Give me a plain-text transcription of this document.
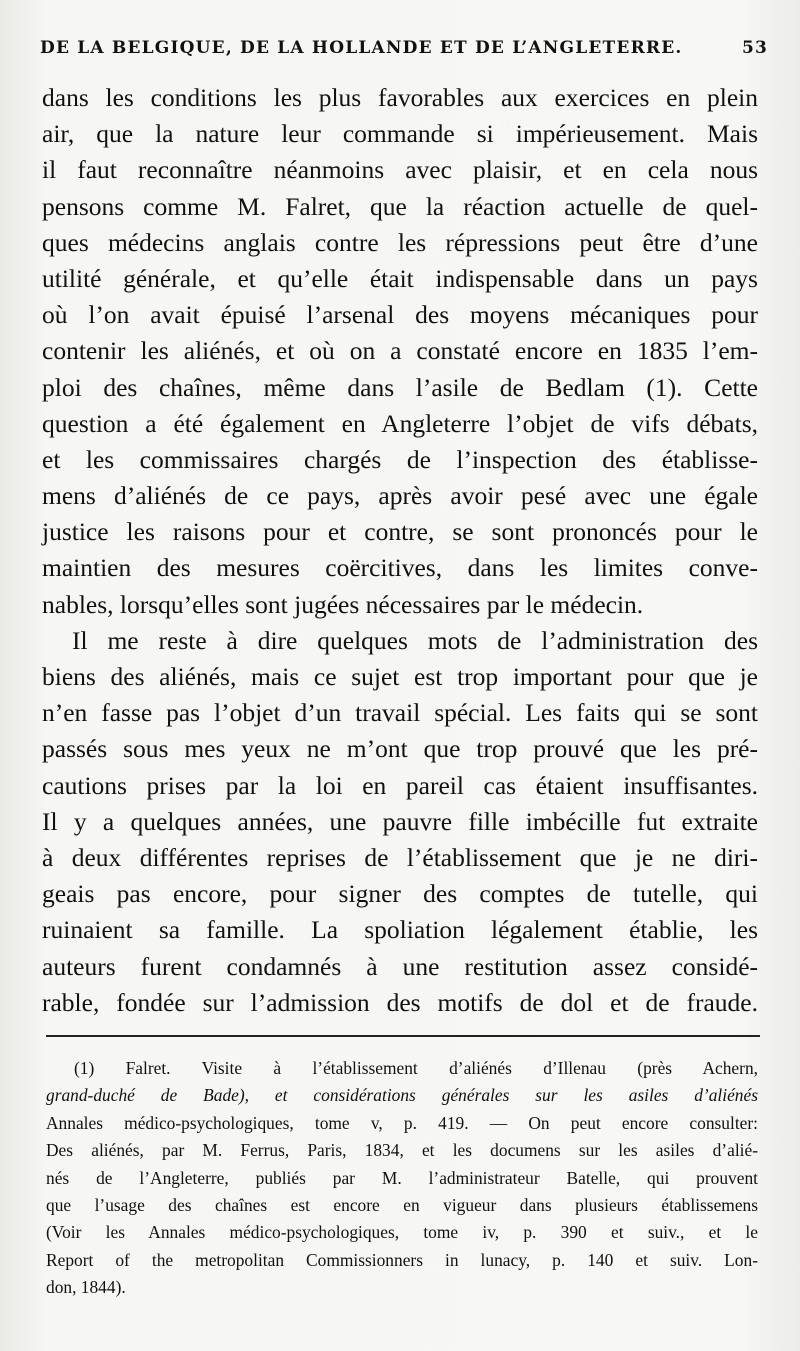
DE LA BELGIQUE, DE LA HOLLANDE ET DE L’ANGLETERRE.	53
dans les conditions les plus favorables aux exercices en plein
air, que la nature leur commande si impérieusement. Mais
il faut reconnaître néanmoins avec plaisir, et en cela nous
pensons comme M. Falret, que la réaction actuelle de quel-
ques médecins anglais contre les répressions peut être d’une
utilité générale, et qu’elle était indispensable dans un pays
où l’on avait épuisé l’arsenal des moyens mécaniques pour
contenir les aliénés, et où on a constaté encore en 1835 l’em-
ploi des chaînes, même dans l’asile de Bedlam (1). Cette
question a été également en Angleterre l’objet de vifs débats,
et les commissaires chargés de l’inspection des établisse-
mens d’aliénés de ce pays, après avoir pesé avec une égale
justice les raisons pour et contre, se sont prononcés pour le
maintien des mesures coërcitives, dans les limites conve-
nables, lorsqu’elles sont jugées nécessaires par le médecin.
Il me reste à dire quelques mots de l’administration des
biens des aliénés, mais ce sujet est trop important pour que je
n’en fasse pas l’objet d’un travail spécial. Les faits qui se sont
passés sous mes yeux ne m’ont que trop prouvé que les pré-
cautions prises par la loi en pareil cas étaient insuffisantes.
Il y a quelques années, une pauvre fille imbécille fut extraite
à deux différentes reprises de l’établissement que je ne diri-
geais pas encore, pour signer des comptes de tutelle, qui
ruinaient sa famille. La spoliation légalement établie, les
auteurs furent condamnés à une restitution assez considé-
rable, fondée sur l’admission des motifs de dol et de fraude.
(1) Falret. Visite à l’établissement d’aliénés d’Illenau (près Achern,
grand-duché de Bade), et considérations générales sur les asiles d’aliénés
Annales médico-psychologiques, tome v, p. 419. — On peut encore consulter:
Des aliénés, par M. Ferrus, Paris, 1834, et les documens sur les asiles d’alié-
nés de l’Angleterre, publiés par M. l’administrateur Batelle, qui prouvent
que l’usage des chaînes est encore en vigueur dans plusieurs établissemens
(Voir les Annales médico-psychologiques, tome iv, p. 390 et suiv., et le
Report of the metropolitan Commissionners in lunacy, p. 140 et suiv. Lon-
don, 1844).
